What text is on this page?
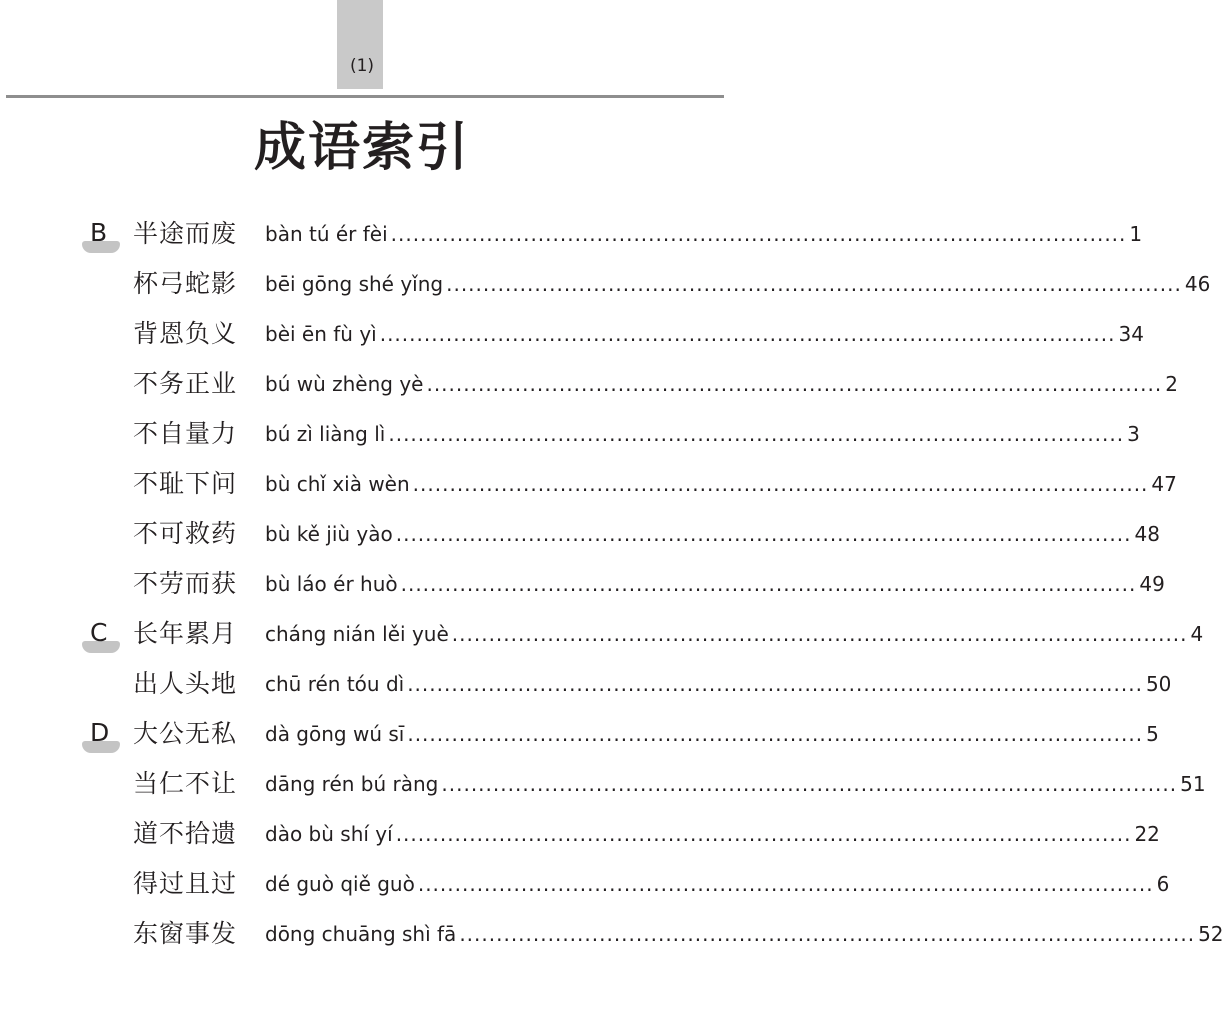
(1)
成语索引
B 半途而废 bàn tú ér fèi .................................................................................................... 1
杯弓蛇影 bēi gōng shé yǐng .................................................................................................... 46
背恩负义 bèi ēn fù yì .................................................................................................... 34
不务正业 bú wù zhèng yè .................................................................................................... 2
不自量力 bú zì liàng lì .................................................................................................... 3
不耻下问 bù chǐ xià wèn .................................................................................................... 47
不可救药 bù kě jiù yào .................................................................................................... 48
不劳而获 bù láo ér huò .................................................................................................... 49
C 长年累月 cháng nián lěi yuè .................................................................................................... 4
出人头地 chū rén tóu dì .................................................................................................... 50
D 大公无私 dà gōng wú sī .................................................................................................... 5
当仁不让 dāng rén bú ràng .................................................................................................... 51
道不拾遗 dào bù shí yí .................................................................................................... 22
得过且过 dé guò qiě guò .................................................................................................... 6
东窗事发 dōng chuāng shì fā .................................................................................................... 52
